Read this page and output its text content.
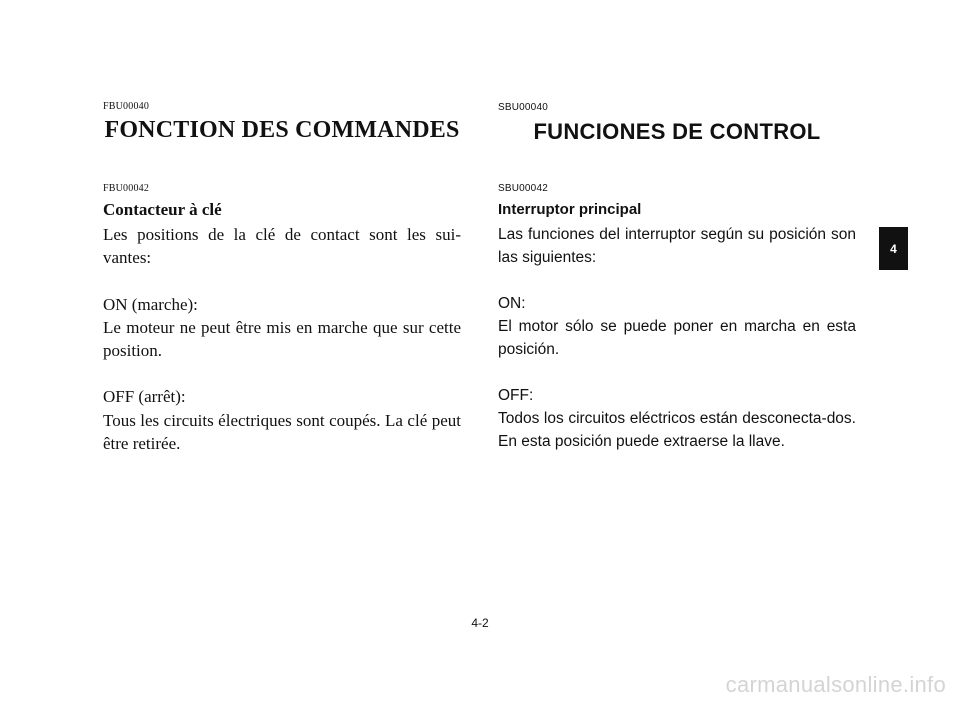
FBU00040
FONCTION DES COMMANDES
FBU00042
Contacteur à clé

Les positions de la clé de contact sont les sui-vantes:

ON (marche):

Le moteur ne peut être mis en marche que sur cette position.

OFF (arrêt):

Tous les circuits électriques sont coupés. La clé peut être retirée.

SBU00040
FUNCIONES DE CONTROL
SBU00042
Interruptor principal

Las funciones del interruptor según su posición son las siguientes:

ON:

El motor sólo se puede poner en marcha en esta posición.

OFF:

Todos los circuitos eléctricos están desconecta-dos. En esta posición puede extraerse la llave.

4
4-2
carmanualsonline.info
